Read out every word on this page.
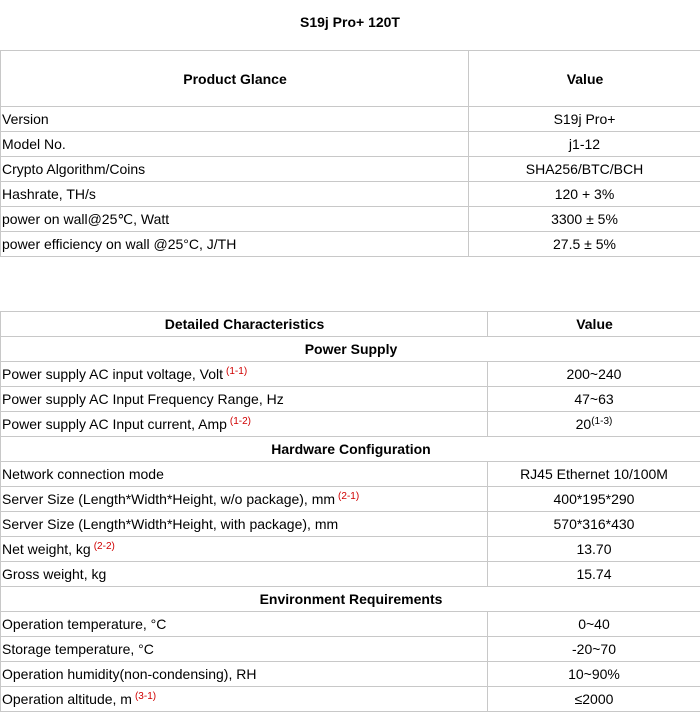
S19j Pro+ 120T
Product Glance	Value
Version	S19j Pro+
Model No.	j1-12
Crypto Algorithm/Coins	SHA256/BTC/BCH
Hashrate, TH/s	120 + 3%
power on wall@25℃, Watt	3300 ± 5%
power efficiency on wall @25°C, J/TH	27.5 ± 5%
Detailed Characteristics	Value
Power Supply	
Power supply AC input voltage, Volt $^{(1-1)}$	200~240
Power supply AC Input Frequency Range, Hz	47~63
Power supply AC Input current, Amp $^{(1-2)}$	20$^{(1-3)}$
Hardware Configuration	
Network connection mode	RJ45 Ethernet 10/100M
Server Size (Length*Width*Height, w/o package), mm $^{(2-1)}$	400*195*290
Server Size (Length*Width*Height, with package), mm	570*316*430
Net weight, kg $^{(2-2)}$	13.70
Gross weight, kg	15.74
Environment Requirements	
Operation temperature, °C	0~40
Storage temperature, °C	-20~70
Operation humidity(non-condensing), RH	10~90%
Operation altitude, m $^{(3-1)}$	≤2000
